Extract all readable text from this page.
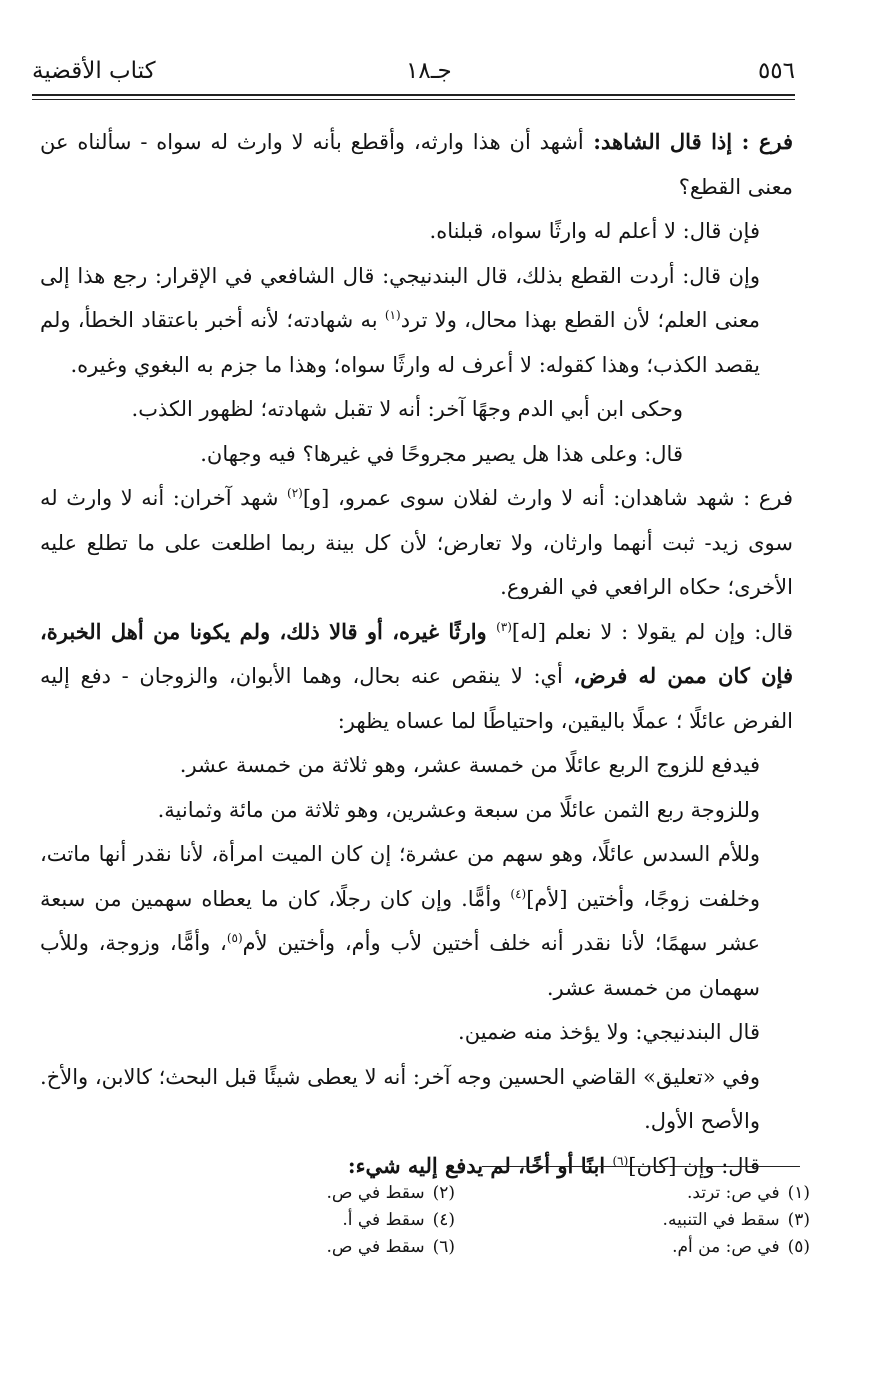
كتاب الأقضية	جـ١٨	٥٥٦

فرع : إذا قال الشاهد: أشهد أن هذا وارثه، وأقطع بأنه لا وارث له سواه - سألناه عن معنى القطع؟

فإن قال: لا أعلم له وارثًا سواه، قبلناه.

وإن قال: أردت القطع بذلك، قال البندنيجي: قال الشافعي في الإقرار: رجع هذا إلى معنى العلم؛ لأن القطع بهذا محال، ولا ترد$^{(١)}$ به شهادته؛ لأنه أخبر باعتقاد الخطأ، ولم يقصد الكذب؛ وهذا كقوله: لا أعرف له وارثًا سواه؛ وهذا ما جزم به البغوي وغيره.

وحكى ابن أبي الدم وجهًا آخر: أنه لا تقبل شهادته؛ لظهور الكذب.

قال: وعلى هذا هل يصير مجروحًا في غيرها؟ فيه وجهان.

فرع : شهد شاهدان: أنه لا وارث لفلان سوى عمرو، [و]$^{(٢)}$ شهد آخران: أنه لا وارث له سوى زيد- ثبت أنهما وارثان، ولا تعارض؛ لأن كل بينة ربما اطلعت على ما تطلع عليه الأخرى؛ حكاه الرافعي في الفروع.

قال: وإن لم يقولا : لا نعلم [له]$^{(٣)}$ وارثًا غيره، أو قالا ذلك، ولم يكونا من أهل الخبرة، فإن كان ممن له فرض، أي: لا ينقص عنه بحال، وهما الأبوان، والزوجان - دفع إليه الفرض عائلًا ؛ عملًا باليقين، واحتياطًا لما عساه يظهر:

فيدفع للزوج الربع عائلًا من خمسة عشر، وهو ثلاثة من خمسة عشر.

وللزوجة ربع الثمن عائلًا من سبعة وعشرين، وهو ثلاثة من مائة وثمانية.

وللأم السدس عائلًا، وهو سهم من عشرة؛ إن كان الميت امرأة، لأنا نقدر أنها ماتت، وخلفت زوجًا، وأختين [لأم]$^{(٤)}$ وأمًّا. وإن كان رجلًا، كان ما يعطاه سهمين من سبعة عشر سهمًا؛ لأنا نقدر أنه خلف أختين لأب وأم، وأختين لأم$^{(٥)}$، وأمًّا، وزوجة، وللأب سهمان من خمسة عشر.

قال البندنيجي: ولا يؤخذ منه ضمين.

وفي «تعليق» القاضي الحسين وجه آخر: أنه لا يعطى شيئًا قبل البحث؛ كالابن، والأخ. والأصح الأول.

قال: وإن [كان]$^{(٦)}$ ابنًا أو أخًا، لم يدفع إليه شيء:

(١)في ص: ترتد.
(٢)سقط في ص.
(٣)سقط في التنبيه.
(٤)سقط في أ.
(٥)في ص: من أم.
(٦)سقط في ص.
